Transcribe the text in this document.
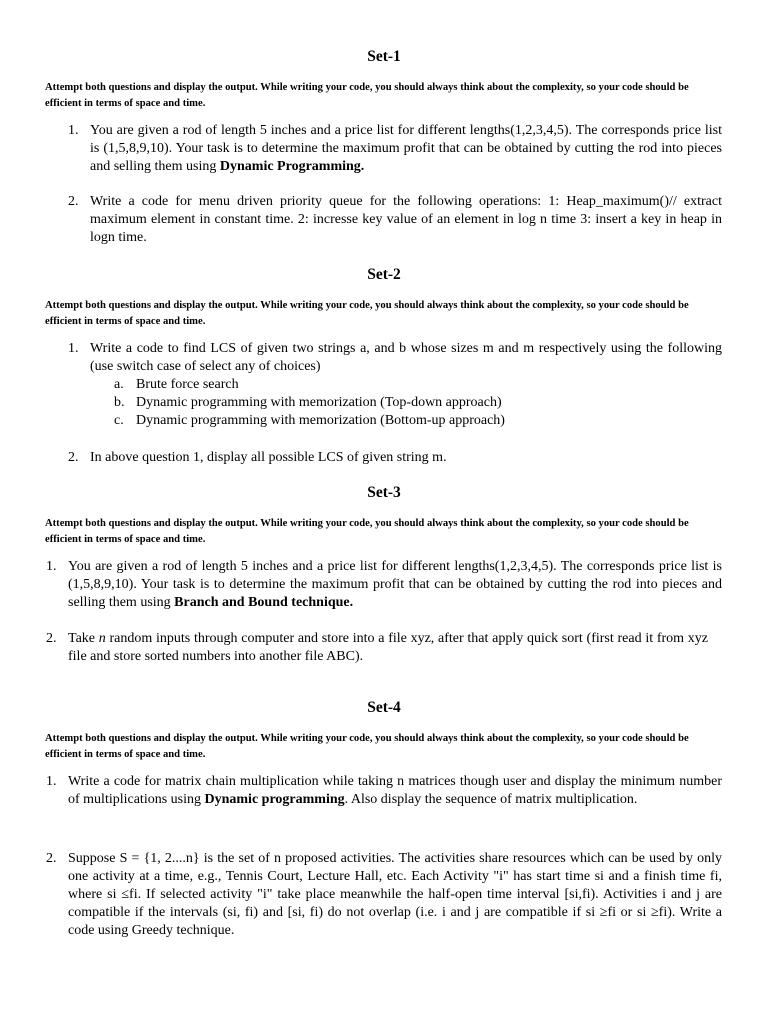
Set-1
Attempt both questions and display the output. While writing your code, you should always think about the complexity, so your code should be efficient in terms of space and time.
1. You are given a rod of length 5 inches and a price list for different lengths(1,2,3,4,5). The corresponds price list is (1,5,8,9,10). Your task is to determine the maximum profit that can be obtained by cutting the rod into pieces and selling them using Dynamic Programming.
2. Write a code for menu driven priority queue for the following operations: 1: Heap_maximum()// extract maximum element in constant time. 2: incresse key value of an element in log n time 3: insert a key in heap in logn time.
Set-2
Attempt both questions and display the output. While writing your code, you should always think about the complexity, so your code should be efficient in terms of space and time.
1. Write a code to find LCS of given two strings a, and b whose sizes m and m respectively using the following (use switch case of select any of choices)
a. Brute force search
b. Dynamic programming with memorization (Top-down approach)
c. Dynamic programming with memorization (Bottom-up approach)
2. In above question 1, display all possible LCS of given string m.
Set-3
Attempt both questions and display the output. While writing your code, you should always think about the complexity, so your code should be efficient in terms of space and time.
1. You are given a rod of length 5 inches and a price list for different lengths(1,2,3,4,5). The corresponds price list is (1,5,8,9,10). Your task is to determine the maximum profit that can be obtained by cutting the rod into pieces and selling them using Branch and Bound technique.
2. Take n random inputs through computer and store into a file xyz, after that apply quick sort (first read it from xyz file and store sorted numbers into another file ABC).
Set-4
Attempt both questions and display the output. While writing your code, you should always think about the complexity, so your code should be efficient in terms of space and time.
1. Write a code for matrix chain multiplication while taking n matrices though user and display the minimum number of multiplications using Dynamic programming. Also display the sequence of matrix multiplication.
2. Suppose S = {1, 2....n} is the set of n proposed activities. The activities share resources which can be used by only one activity at a time, e.g., Tennis Court, Lecture Hall, etc. Each Activity "i" has start time si and a finish time fi, where si ≤fi. If selected activity "i" take place meanwhile the half-open time interval [si,fi). Activities i and j are compatible if the intervals (si, fi) and [si, fi) do not overlap (i.e. i and j are compatible if si ≥fi or si ≥fi). Write a code using Greedy technique.
